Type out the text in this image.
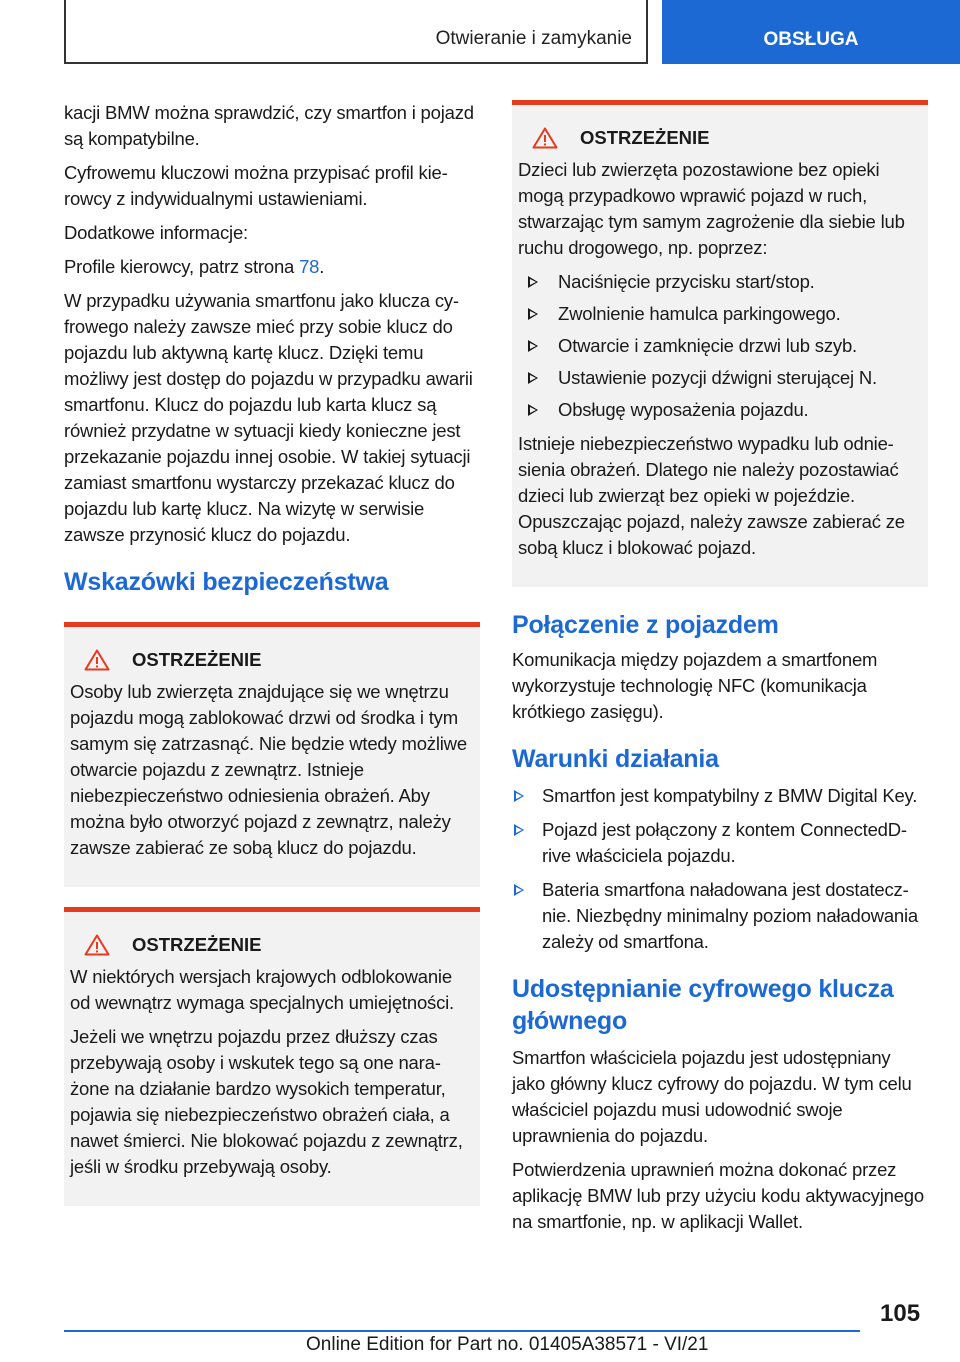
Otwieranie i zamykanie	OBSŁUGA

kacji BMW można sprawdzić, czy smartfon i pojazd są kompatybilne.

Cyfrowemu kluczowi można przypisać profil kierowcy z indywidualnymi ustawieniami.

Dodatkowe informacje:

Profile kierowcy, patrz strona 78.

W przypadku używania smartfonu jako klucza cyfrowego należy zawsze mieć przy sobie klucz do pojazdu lub aktywną kartę klucz. Dzięki temu możliwy jest dostęp do pojazdu w przypadku awarii smartfonu. Klucz do pojazdu lub karta klucz są również przydatne w sytuacji kiedy konieczne jest przekazanie pojazdu innej osobie. W takiej sytuacji zamiast smartfonu wystarczy przekazać klucz do pojazdu lub kartę klucz. Na wizytę w serwisie zawsze przynosić klucz do pojazdu.

Wskazówki bezpieczeństwa
OSTRZEŻENIE

Osoby lub zwierzęta znajdujące się we wnętrzu pojazdu mogą zablokować drzwi od środka i tym samym się zatrzasnąć. Nie będzie wtedy możliwe otwarcie pojazdu z zewnątrz. Istnieje niebezpieczeństwo odniesienia obrażeń. Aby można było otworzyć pojazd z zewnątrz, należy zawsze zabierać ze sobą klucz do pojazdu.

OSTRZEŻENIE

W niektórych wersjach krajowych odblokowanie od wewnątrz wymaga specjalnych umiejętności.

Jeżeli we wnętrzu pojazdu przez dłuższy czas przebywają osoby i wskutek tego są one narażone na działanie bardzo wysokich temperatur, pojawia się niebezpieczeństwo obrażeń ciała, a nawet śmierci. Nie blokować pojazdu z zewnątrz, jeśli w środku przebywają osoby.

OSTRZEŻENIE

Dzieci lub zwierzęta pozostawione bez opieki mogą przypadkowo wprawić pojazd w ruch, stwarzając tym samym zagrożenie dla siebie lub ruchu drogowego, np. poprzez:

Naciśnięcie przycisku start/stop.
Zwolnienie hamulca parkingowego.
Otwarcie i zamknięcie drzwi lub szyb.
Ustawienie pozycji dźwigni sterującej N.
Obsługę wyposażenia pojazdu.

Istnieje niebezpieczeństwo wypadku lub odniesienia obrażeń. Dlatego nie należy pozostawiać dzieci lub zwierząt bez opieki w pojeździe. Opuszczając pojazd, należy zawsze zabierać ze sobą klucz i blokować pojazd.

Połączenie z pojazdem

Komunikacja między pojazdem a smartfonem wykorzystuje technologię NFC (komunikacja krótkiego zasięgu).

Warunki działania
Smartfon jest kompatybilny z BMW Digital Key.
Pojazd jest połączony z kontem ConnectedDrive właściciela pojazdu.
Bateria smartfona naładowana jest dostatecznie. Niezbędny minimalny poziom naładowania zależy od smartfona.
Udostępnianie cyfrowego klucza głównego

Smartfon właściciela pojazdu jest udostępniany jako główny klucz cyfrowy do pojazdu. W tym celu właściciel pojazdu musi udowodnić swoje uprawnienia do pojazdu.

Potwierdzenia uprawnień można dokonać przez aplikację BMW lub przy użyciu kodu aktywacyjnego na smartfonie, np. w aplikacji Wallet.

105
Online Edition for Part no. 01405A38571 - VI/21
